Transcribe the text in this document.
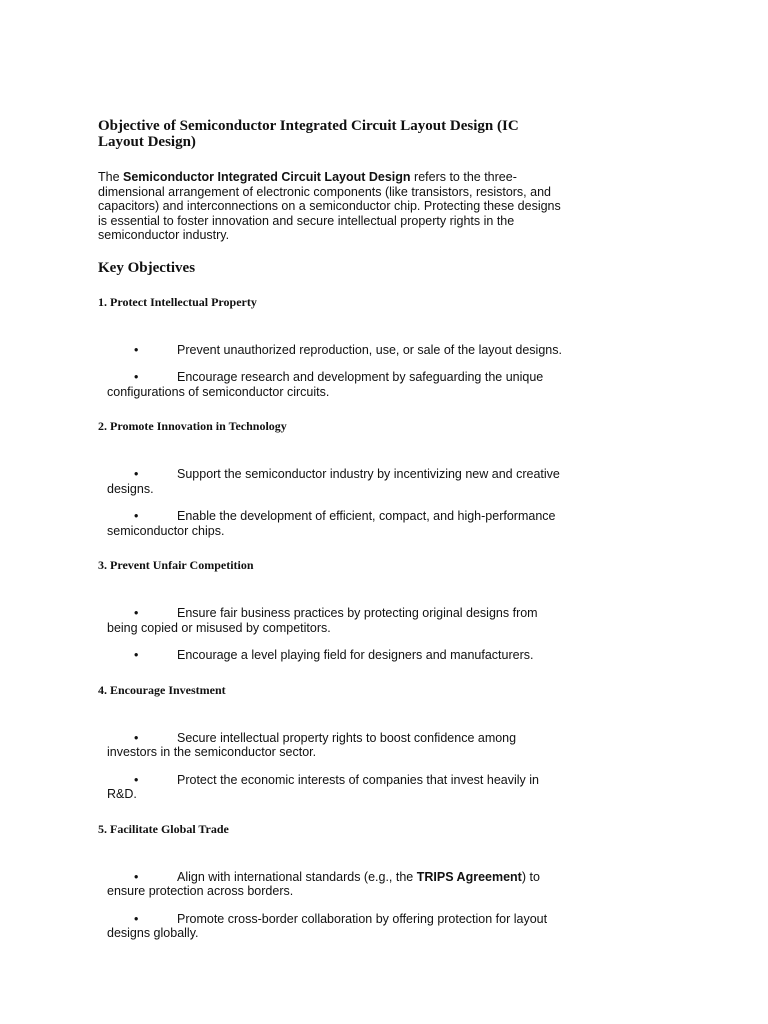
Objective of Semiconductor Integrated Circuit Layout Design (IC Layout Design)

The Semiconductor Integrated Circuit Layout Design refers to the three-dimensional arrangement of electronic components (like transistors, resistors, and capacitors) and interconnections on a semiconductor chip. Protecting these designs is essential to foster innovation and secure intellectual property rights in the semiconductor industry.

Key Objectives
1. Protect Intellectual Property
•	Prevent unauthorized reproduction, use, or sale of the layout designs.
•	Encourage research and development by safeguarding the unique configurations of semiconductor circuits.
2. Promote Innovation in Technology
•	Support the semiconductor industry by incentivizing new and creative designs.
•	Enable the development of efficient, compact, and high-performance semiconductor chips.
3. Prevent Unfair Competition
•	Ensure fair business practices by protecting original designs from being copied or misused by competitors.
•	Encourage a level playing field for designers and manufacturers.
4. Encourage Investment
•	Secure intellectual property rights to boost confidence among investors in the semiconductor sector.
•	Protect the economic interests of companies that invest heavily in R&D.
5. Facilitate Global Trade
•	Align with international standards (e.g., the TRIPS Agreement) to ensure protection across borders.
•	Promote cross-border collaboration by offering protection for layout designs globally.
